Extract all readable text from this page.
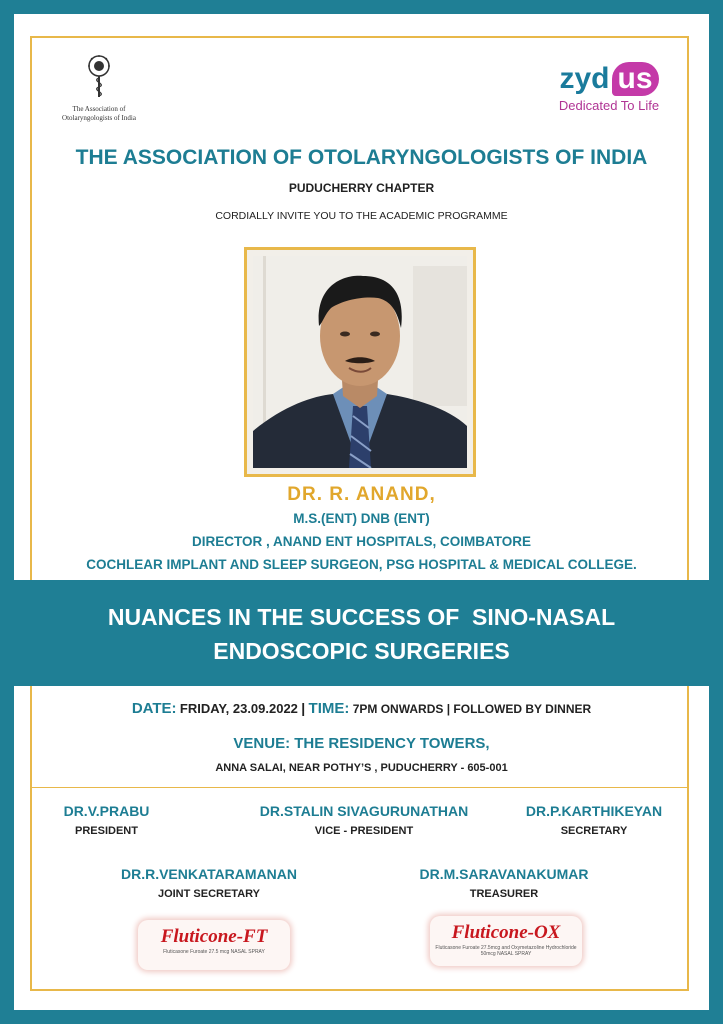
The Association of
Otolaryngologists of India
zyd us
Dedicated To Life
THE ASSOCIATION OF OTOLARYNGOLOGISTS OF INDIA
PUDUCHERRY CHAPTER
CORDIALLY INVITE YOU TO THE ACADEMIC PROGRAMME
DR. R. ANAND,
M.S.(ENT) DNB (ENT)
DIRECTOR , ANAND ENT HOSPITALS, COIMBATORE
COCHLEAR IMPLANT AND SLEEP SURGEON, PSG HOSPITAL & MEDICAL COLLEGE.
NUANCES IN THE SUCCESS OF  SINO-NASAL
ENDOSCOPIC SURGERIES
DATE: FRIDAY, 23.09.2022 | TIME: 7PM ONWARDS | FOLLOWED BY DINNER
VENUE: THE RESIDENCY TOWERS,
ANNA SALAI, NEAR POTHY’S , PUDUCHERRY - 605-001
DR.V.PRABU
PRESIDENT
DR.STALIN SIVAGURUNATHAN
VICE - PRESIDENT
DR.P.KARTHIKEYAN
SECRETARY
DR.R.VENKATARAMANAN
JOINT SECRETARY
DR.M.SARAVANAKUMAR
TREASURER
Fluticone-FT
Fluticasone Furoate 27.5 mcg NASAL SPRAY
Fluticone-OX
Fluticasone Furoate 27.5mcg and Oxymetazoline Hydrochloride 50mcg NASAL SPRAY
